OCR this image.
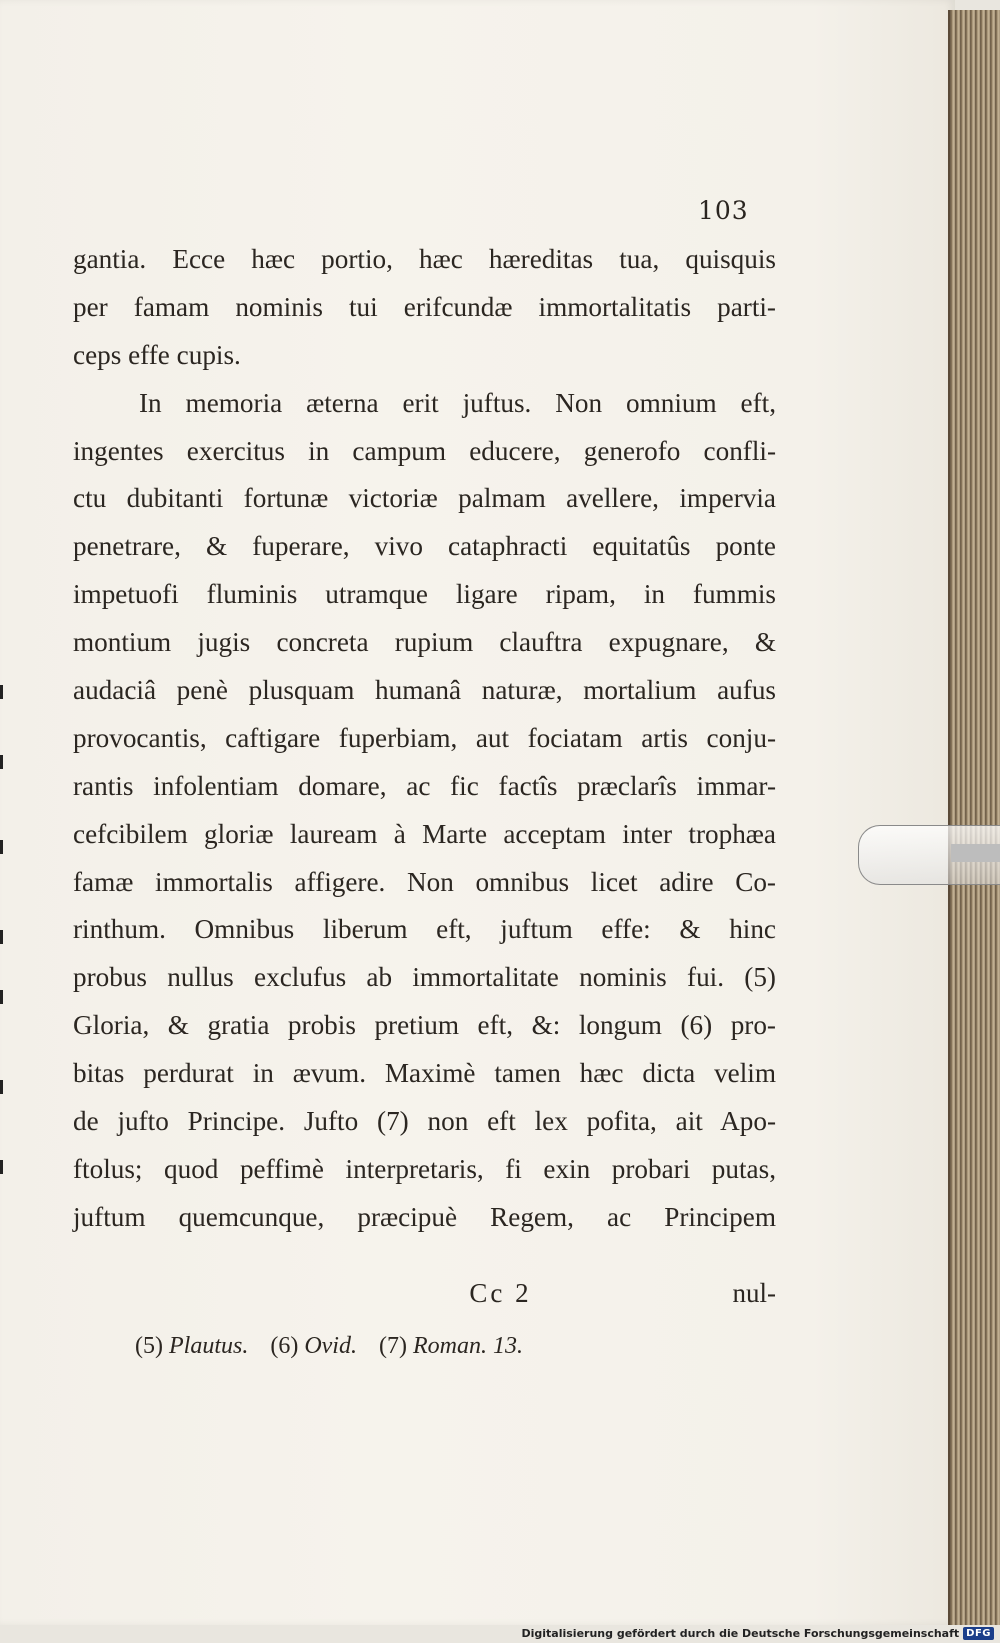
103
gantia. Ecce hæc portio, hæc hæreditas tua, quisquis
per famam nominis tui erifcundæ immortalitatis parti-
ceps effe cupis.
In memoria æterna erit juftus. Non omnium eft,
ingentes exercitus in campum educere, generofo confli-
ctu dubitanti fortunæ victoriæ palmam avellere, impervia
penetrare, & fuperare, vivo cataphracti equitatûs ponte
impetuofi fluminis utramque ligare ripam, in fummis
montium jugis concreta rupium clauftra expugnare, &
audaciâ penè plusquam humanâ naturæ, mortalium aufus
provocantis, caftigare fuperbiam, aut fociatam artis conju-
rantis infolentiam domare, ac fic factîs præclarîs immar-
cefcibilem gloriæ lauream à Marte acceptam inter trophæa
famæ immortalis affigere. Non omnibus licet adire Co-
rinthum. Omnibus liberum eft, juftum effe: & hinc
probus nullus exclufus ab immortalitate nominis fui. (5)
Gloria, & gratia probis pretium eft, &: longum (6) pro-
bitas perdurat in ævum. Maximè tamen hæc dicta velim
de jufto Principe. Jufto (7) non eft lex pofita, ait Apo-
ftolus; quod peffimè interpretaris, fi exin probari putas,
juftum quemcunque, præcipuè Regem, ac Principem
Cc 2	nul-
(5) Plautus. (6) Ovid. (7) Roman. 13.
Digitalisierung gefördert durch die Deutsche Forschungsgemeinschaft DFG
